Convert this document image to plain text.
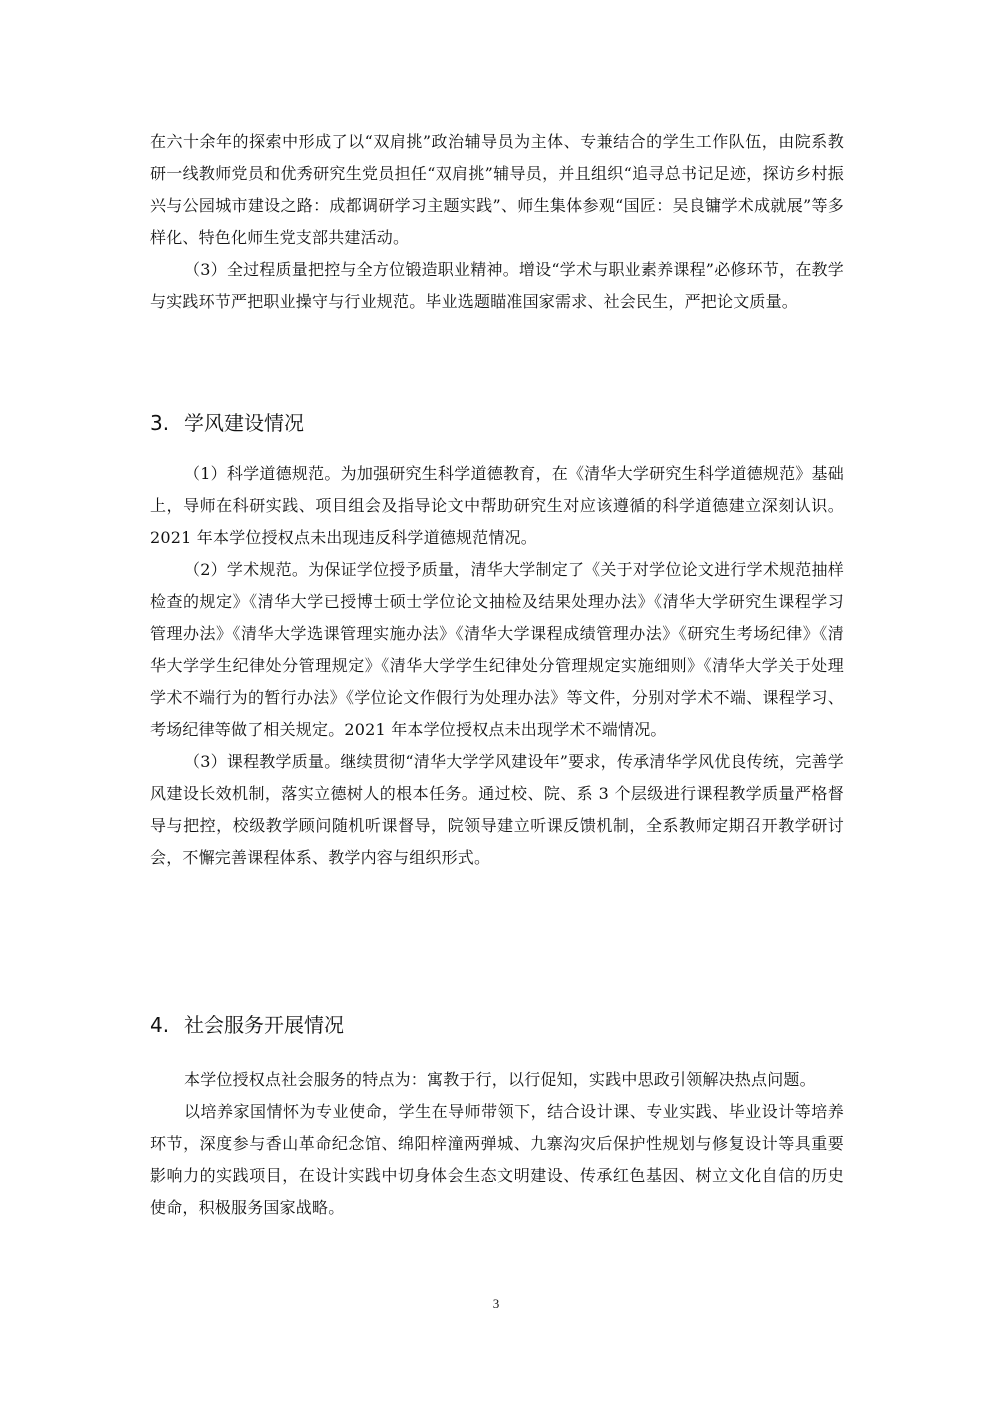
在六十余年的探索中形成了以“双肩挑”政治辅导员为主体、专兼结合的学生工作队伍，由院系教研一线教师党员和优秀研究生党员担任“双肩挑”辅导员，并且组织“追寻总书记足迹，探访乡村振兴与公园城市建设之路：成都调研学习主题实践”、师生集体参观“国匠：吴良镛学术成就展”等多样化、特色化师生党支部共建活动。

（3）全过程质量把控与全方位锻造职业精神。增设“学术与职业素养课程”必修环节，在教学与实践环节严把职业操守与行业规范。毕业选题瞄准国家需求、社会民生，严把论文质量。

3. 学风建设情况

（1）科学道德规范。为加强研究生科学道德教育，在《清华大学研究生科学道德规范》基础上，导师在科研实践、项目组会及指导论文中帮助研究生对应该遵循的科学道德建立深刻认识。2021 年本学位授权点未出现违反科学道德规范情况。

（2）学术规范。为保证学位授予质量，清华大学制定了《关于对学位论文进行学术规范抽样检查的规定》《清华大学已授博士硕士学位论文抽检及结果处理办法》《清华大学研究生课程学习管理办法》《清华大学选课管理实施办法》《清华大学课程成绩管理办法》《研究生考场纪律》《清华大学学生纪律处分管理规定》《清华大学学生纪律处分管理规定实施细则》《清华大学关于处理学术不端行为的暂行办法》《学位论文作假行为处理办法》等文件，分别对学术不端、课程学习、考场纪律等做了相关规定。2021 年本学位授权点未出现学术不端情况。

（3）课程教学质量。继续贯彻“清华大学学风建设年”要求，传承清华学风优良传统，完善学风建设长效机制，落实立德树人的根本任务。通过校、院、系 3 个层级进行课程教学质量严格督导与把控，校级教学顾问随机听课督导，院领导建立听课反馈机制，全系教师定期召开教学研讨会，不懈完善课程体系、教学内容与组织形式。

4. 社会服务开展情况

本学位授权点社会服务的特点为：寓教于行，以行促知，实践中思政引领解决热点问题。

以培养家国情怀为专业使命，学生在导师带领下，结合设计课、专业实践、毕业设计等培养环节，深度参与香山革命纪念馆、绵阳梓潼两弹城、九寨沟灾后保护性规划与修复设计等具重要影响力的实践项目，在设计实践中切身体会生态文明建设、传承红色基因、树立文化自信的历史使命，积极服务国家战略。

3
